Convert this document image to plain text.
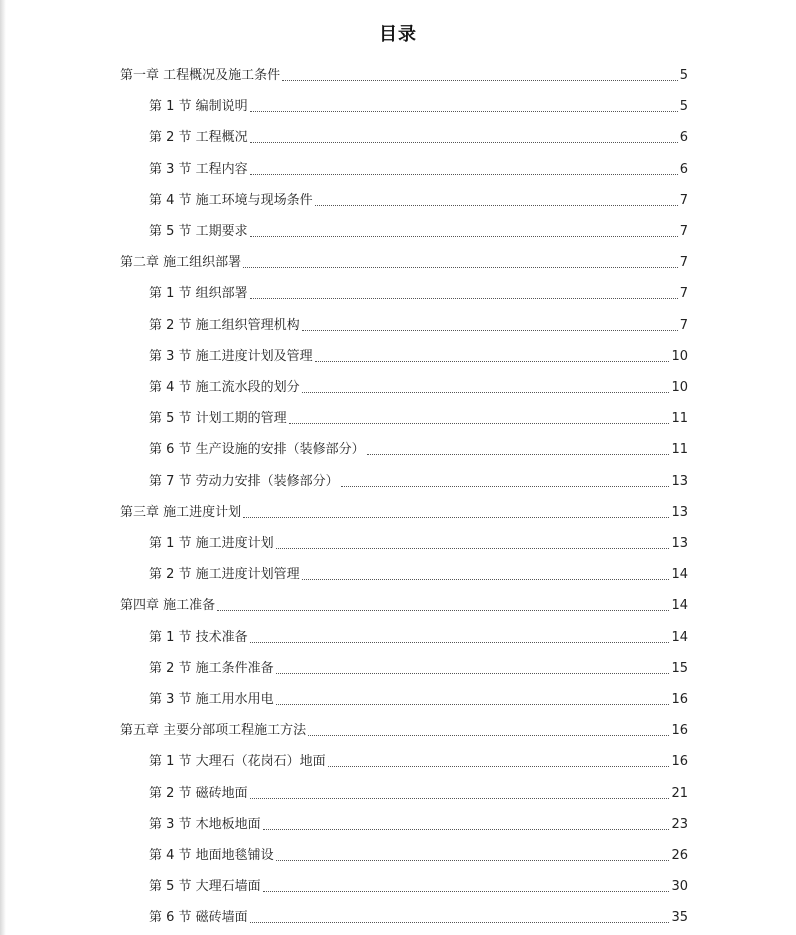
目录
第一章 工程概况及施工条件	5
第 1 节 编制说明	5
第 2 节 工程概况	6
第 3 节 工程内容	6
第 4 节 施工环境与现场条件	7
第 5 节 工期要求	7
第二章 施工组织部署	7
第 1 节 组织部署	7
第 2 节 施工组织管理机构	7
第 3 节 施工进度计划及管理	10
第 4 节 施工流水段的划分	10
第 5 节 计划工期的管理	11
第 6 节 生产设施的安排（装修部分）	11
第 7 节 劳动力安排（装修部分）	13
第三章 施工进度计划	13
第 1 节 施工进度计划	13
第 2 节 施工进度计划管理	14
第四章 施工准备	14
第 1 节 技术准备	14
第 2 节 施工条件准备	15
第 3 节 施工用水用电	16
第五章 主要分部项工程施工方法	16
第 1 节 大理石（花岗石）地面	16
第 2 节 磁砖地面	21
第 3 节 木地板地面	23
第 4 节 地面地毯铺设	26
第 5 节 大理石墙面	30
第 6 节 磁砖墙面	35
